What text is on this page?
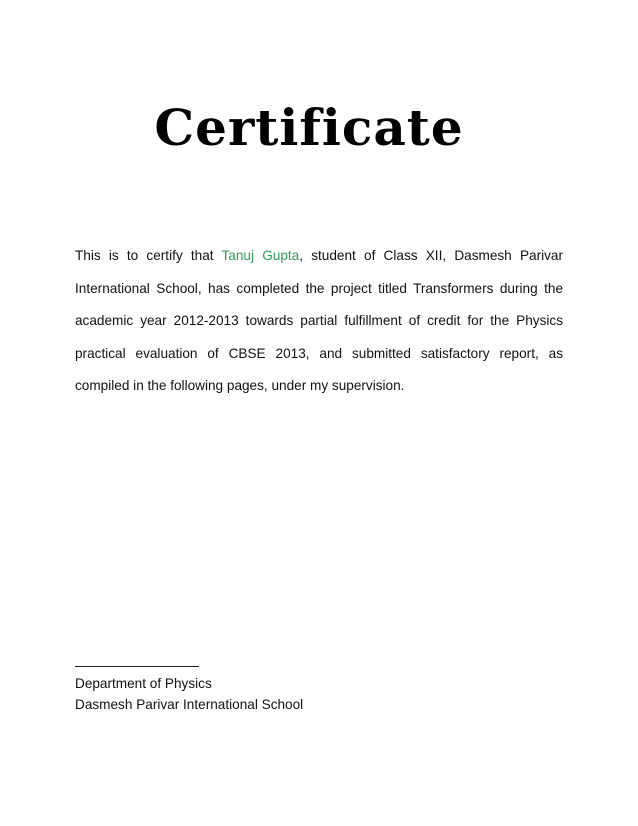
Certificate

This is to certify that Tanuj Gupta, student of Class XII, Dasmesh Parivar International School, has completed the project titled Transformers during the academic year 2012-2013 towards partial fulfillment of credit for the Physics practical evaluation of CBSE 2013, and submitted satisfactory report, as compiled in the following pages, under my supervision.

Department of Physics
Dasmesh Parivar International School
